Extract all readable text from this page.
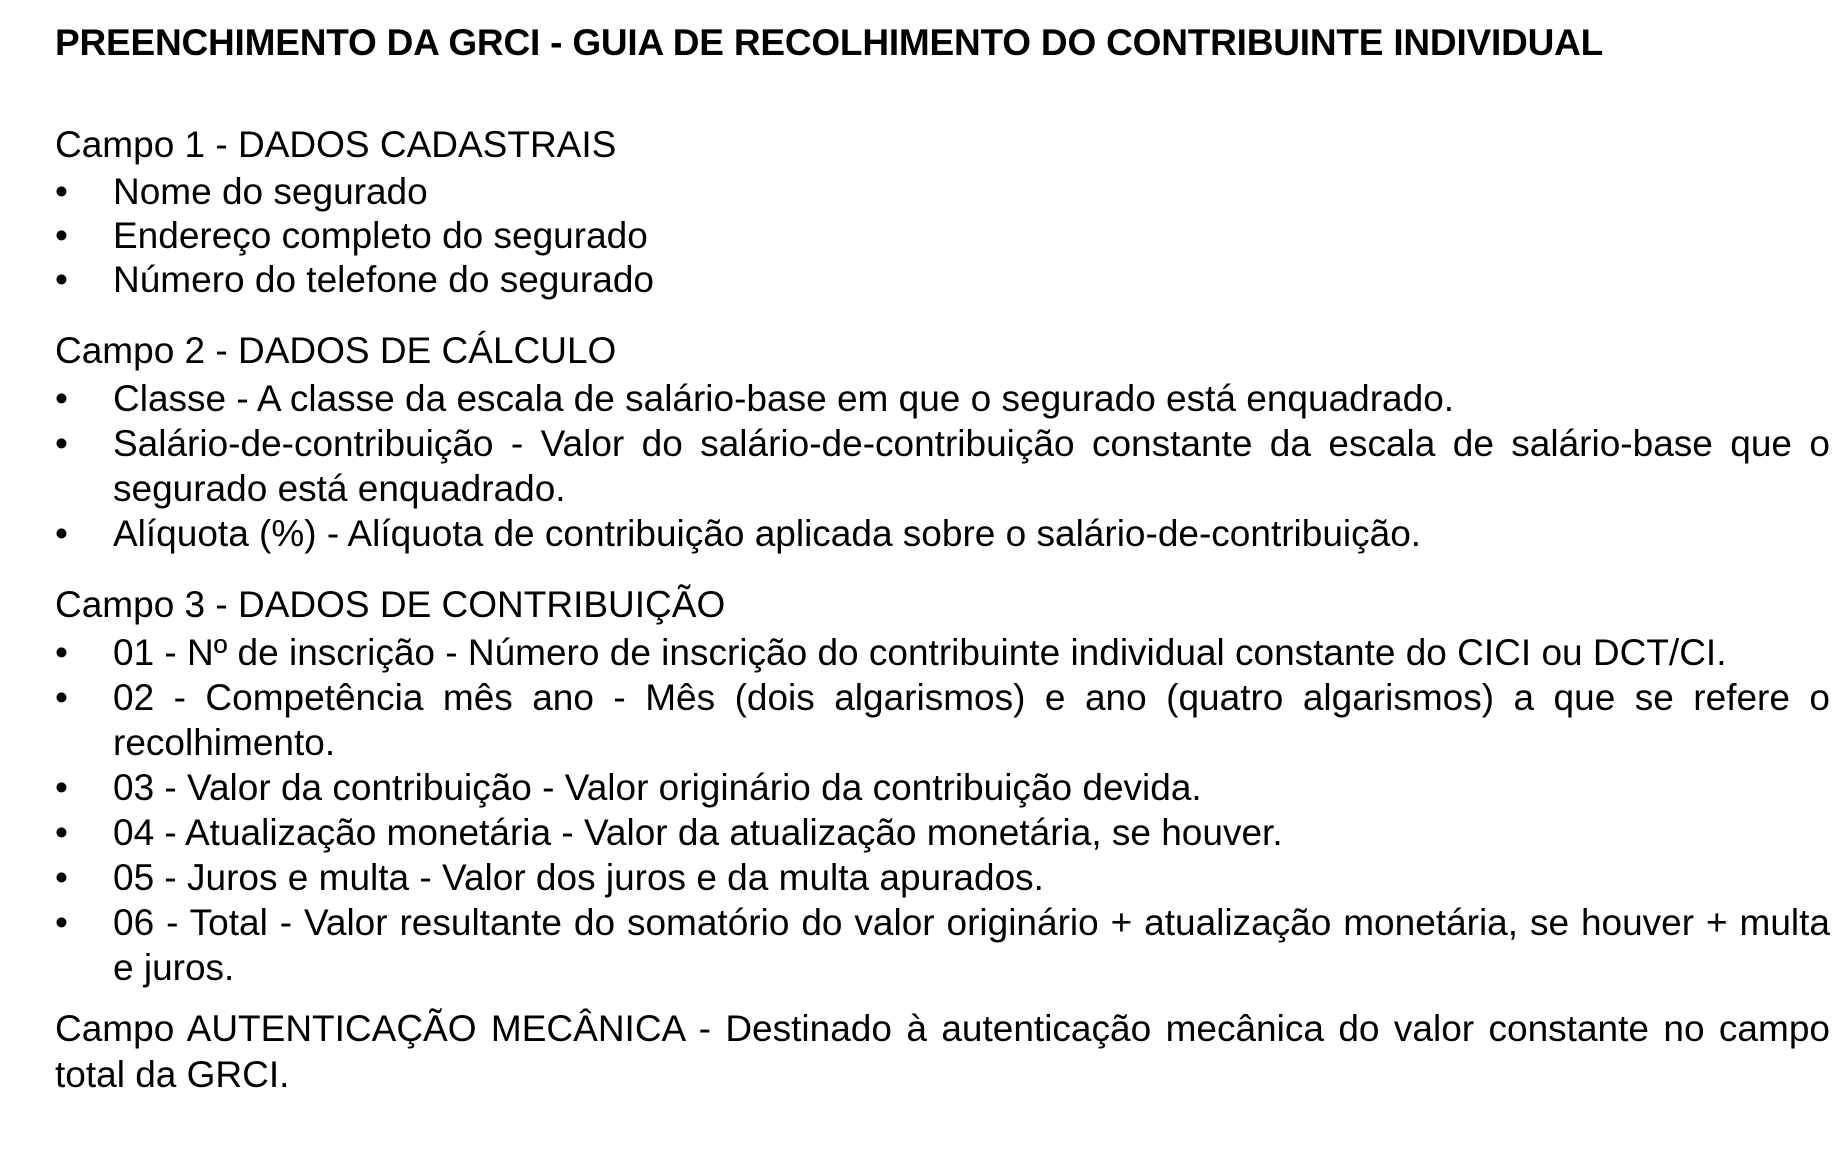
PREENCHIMENTO DA GRCI - GUIA DE RECOLHIMENTO DO CONTRIBUINTE INDIVIDUAL

Campo 1 - DADOS CADASTRAIS

• Nome do segurado
• Endereço completo do segurado
• Número do telefone do segurado

Campo 2 - DADOS DE CÁLCULO

• Classe - A classe da escala de salário-base em que o segurado está enquadrado.
• Salário-de-contribuição - Valor do salário-de-contribuição constante da escala de salário-base que o segurado está enquadrado.
• Alíquota (%) - Alíquota de contribuição aplicada sobre o salário-de-contribuição.

Campo 3 - DADOS DE CONTRIBUIÇÃO

• 01 - Nº de inscrição - Número de inscrição do contribuinte individual constante do CICI ou DCT/CI.
• 02 - Competência mês ano - Mês (dois algarismos) e ano (quatro algarismos) a que se refere o recolhimento.
• 03 - Valor da contribuição - Valor originário da contribuição devida.
• 04 - Atualização monetária - Valor da atualização monetária, se houver.
• 05 - Juros e multa - Valor dos juros e da multa apurados.
• 06 - Total - Valor resultante do somatório do valor originário + atualização monetária, se houver + multa e juros.

Campo AUTENTICAÇÃO MECÂNICA - Destinado à autenticação mecânica do valor constante no campo total da GRCI.
